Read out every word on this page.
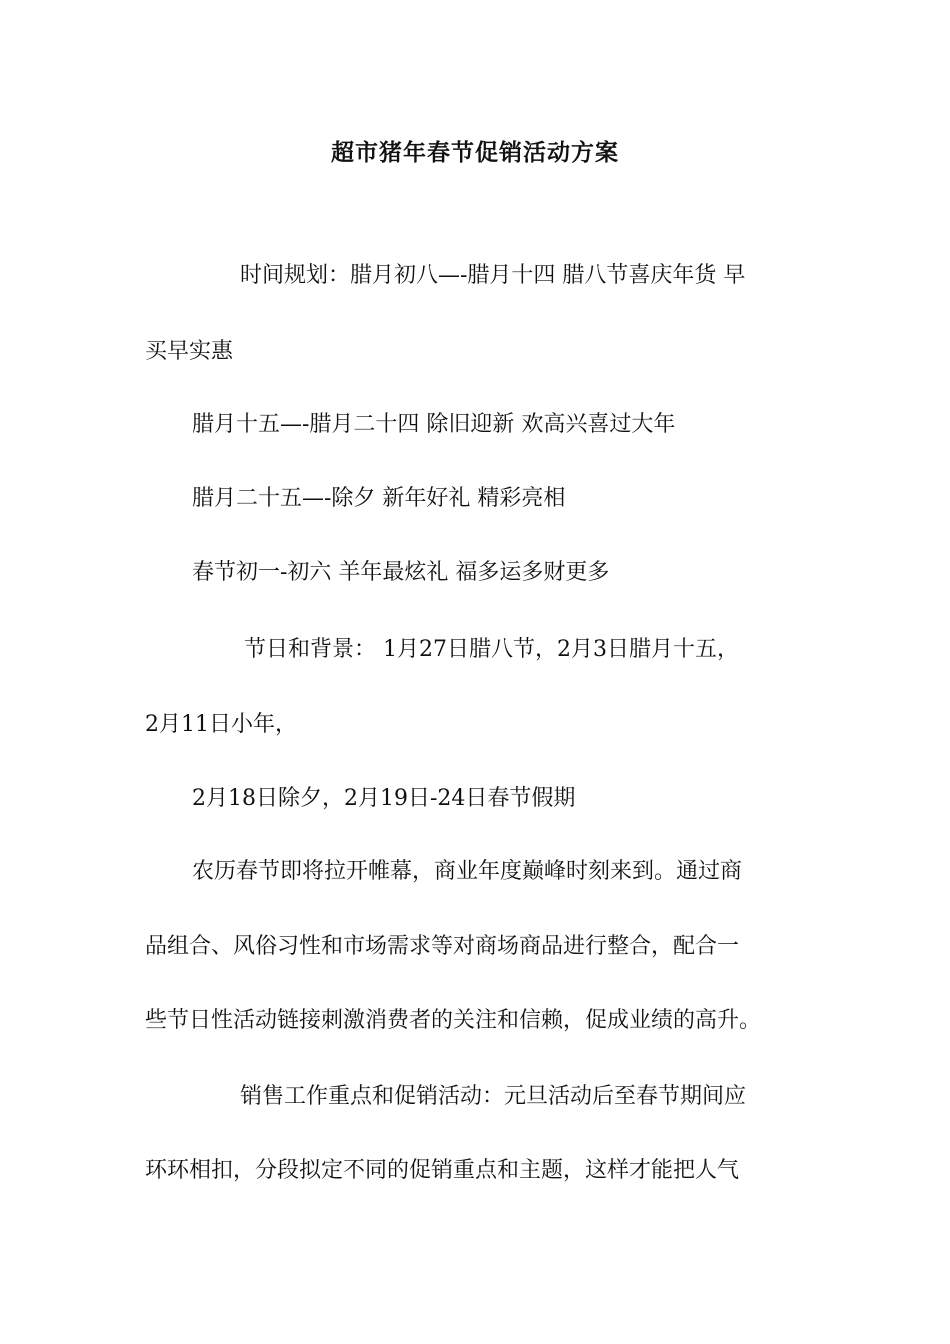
超市猪年春节促销活动方案

时间规划：腊月初八—-腊月十四 腊八节喜庆年货 早

买早实惠

腊月十五—-腊月二十四 除旧迎新 欢高兴喜过大年

腊月二十五—-除夕 新年好礼 精彩亮相

春节初一-初六 羊年最炫礼 福多运多财更多

节日和背景： 1月27日腊八节，2月3日腊月十五，

2月11日小年，

2月18日除夕，2月19日-24日春节假期

农历春节即将拉开帷幕，商业年度巅峰时刻来到。通过商

品组合、风俗习性和市场需求等对商场商品进行整合，配合一

些节日性活动链接刺激消费者的关注和信赖，促成业绩的高升。

销售工作重点和促销活动：元旦活动后至春节期间应

环环相扣，分段拟定不同的促销重点和主题，这样才能把人气
